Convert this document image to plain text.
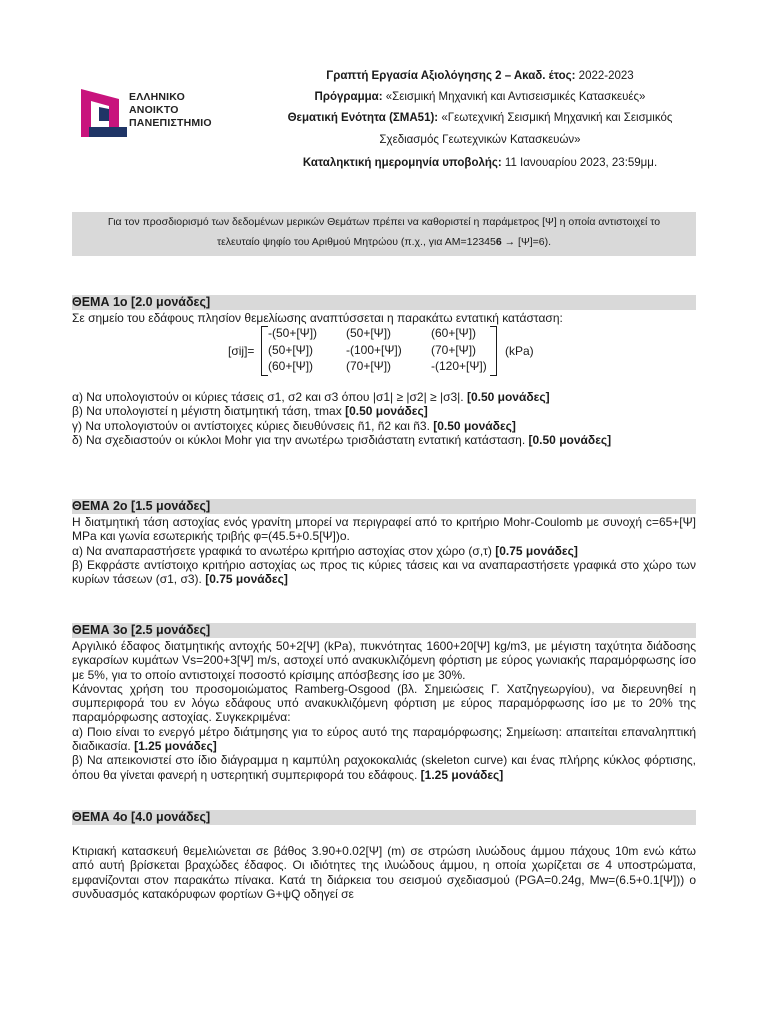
ΕΛΛΗΝΙΚΟ
ΑΝΟΙΚΤΟ
ΠΑΝΕΠΙΣΤΗΜΙΟ
Γραπτή Εργασία Αξιολόγησης 2 – Ακαδ. έτος: 2022-2023
Πρόγραμμα: «Σεισμική Μηχανική και Αντισεισμικές Κατασκευές»
Θεματική Ενότητα (ΣΜΑ51): «Γεωτεχνική Σεισμική Μηχανική και Σεισμικός
Σχεδιασμός Γεωτεχνικών Κατασκευών»
Καταληκτική ημερομηνία υποβολής: 11 Ιανουαρίου 2023, 23:59μμ.
Για τον προσδιορισμό των δεδομένων μερικών Θεμάτων πρέπει να καθοριστεί η παράμετρος [Ψ] η οποία αντιστοιχεί το
τελευταίο ψηφίο του Αριθμού Μητρώου (π.χ., για ΑΜ=123456 → [Ψ]=6).
ΘΕΜΑ 1ο [2.0 μονάδες]
Σε σημείο του εδάφους πλησίον θεμελίωσης αναπτύσσεται η παρακάτω εντατική κατάσταση:
[σij]=
-(50+[Ψ])	(50+[Ψ])	(60+[Ψ])
(50+[Ψ])	-(100+[Ψ])	(70+[Ψ])
(60+[Ψ])	(70+[Ψ])	-(120+[Ψ])
(kPa)
α) Να υπολογιστούν οι κύριες τάσεις σ1, σ2 και σ3 όπου |σ1| ≥ |σ2| ≥ |σ3|. [0.50 μονάδες]
β) Να υπολογιστεί η μέγιστη διατμητική τάση, τmax [0.50 μονάδες]
γ) Να υπολογιστούν οι αντίστοιχες κύριες διευθύνσεις ñ1, ñ2 και ñ3. [0.50 μονάδες]
δ) Να σχεδιαστούν οι κύκλοι Mohr για την ανωτέρω τρισδιάστατη εντατική κατάσταση. [0.50 μονάδες]
ΘΕΜΑ 2ο [1.5 μονάδες]
Η διατμητική τάση αστοχίας ενός γρανίτη μπορεί να περιγραφεί από το κριτήριο Mohr-Coulomb με συνοχή c=65+[Ψ] MPa και γωνία εσωτερικής τριβής φ=(45.5+0.5[Ψ])ο.
α) Να αναπαραστήσετε γραφικά το ανωτέρω κριτήριο αστοχίας στον χώρο (σ,τ) [0.75 μονάδες]
β) Εκφράστε αντίστοιχο κριτήριο αστοχίας ως προς τις κύριες τάσεις και να αναπαραστήσετε γραφικά στο χώρο των κυρίων τάσεων (σ1, σ3). [0.75 μονάδες]
ΘΕΜΑ 3ο [2.5 μονάδες]
Αργιλικό έδαφος διατμητικής αντοχής 50+2[Ψ] (kPa), πυκνότητας 1600+20[Ψ] kg/m3, με μέγιστη ταχύτητα διάδοσης εγκαρσίων κυμάτων Vs=200+3[Ψ] m/s, αστοχεί υπό ανακυκλιζόμενη φόρτιση με εύρος γωνιακής παραμόρφωσης ίσο με 5%, για το οποίο αντιστοιχεί ποσοστό κρίσιμης απόσβεσης ίσο με 30%.
Κάνοντας χρήση του προσομοιώματος Ramberg-Osgood (βλ. Σημειώσεις Γ. Χατζηγεωργίου), να διερευνηθεί η συμπεριφορά του εν λόγω εδάφους υπό ανακυκλιζόμενη φόρτιση με εύρος παραμόρφωσης ίσο με το 20% της παραμόρφωσης αστοχίας. Συγκεκριμένα:
α) Ποιο είναι το ενεργό μέτρο διάτμησης για το εύρος αυτό της παραμόρφωσης; Σημείωση: απαιτείται επαναληπτική διαδικασία. [1.25 μονάδες]
β) Να απεικονιστεί στο ίδιο διάγραμμα η καμπύλη ραχοκοκαλιάς (skeleton curve) και ένας πλήρης κύκλος φόρτισης, όπου θα γίνεται φανερή η υστερητική συμπεριφορά του εδάφους. [1.25 μονάδες]
ΘΕΜΑ 4ο [4.0 μονάδες]
Κτιριακή κατασκευή θεμελιώνεται σε βάθος 3.90+0.02[Ψ] (m) σε στρώση ιλυώδους άμμου πάχους 10m ενώ κάτω από αυτή βρίσκεται βραχώδες έδαφος. Οι ιδιότητες της ιλυώδους άμμου, η οποία χωρίζεται σε 4 υποστρώματα, εμφανίζονται στον παρακάτω πίνακα. Κατά τη διάρκεια του σεισμού σχεδιασμού (PGA=0.24g, Mw=(6.5+0.1[Ψ])) ο συνδυασμός κατακόρυφων φορτίων G+ψQ οδηγεί σε
